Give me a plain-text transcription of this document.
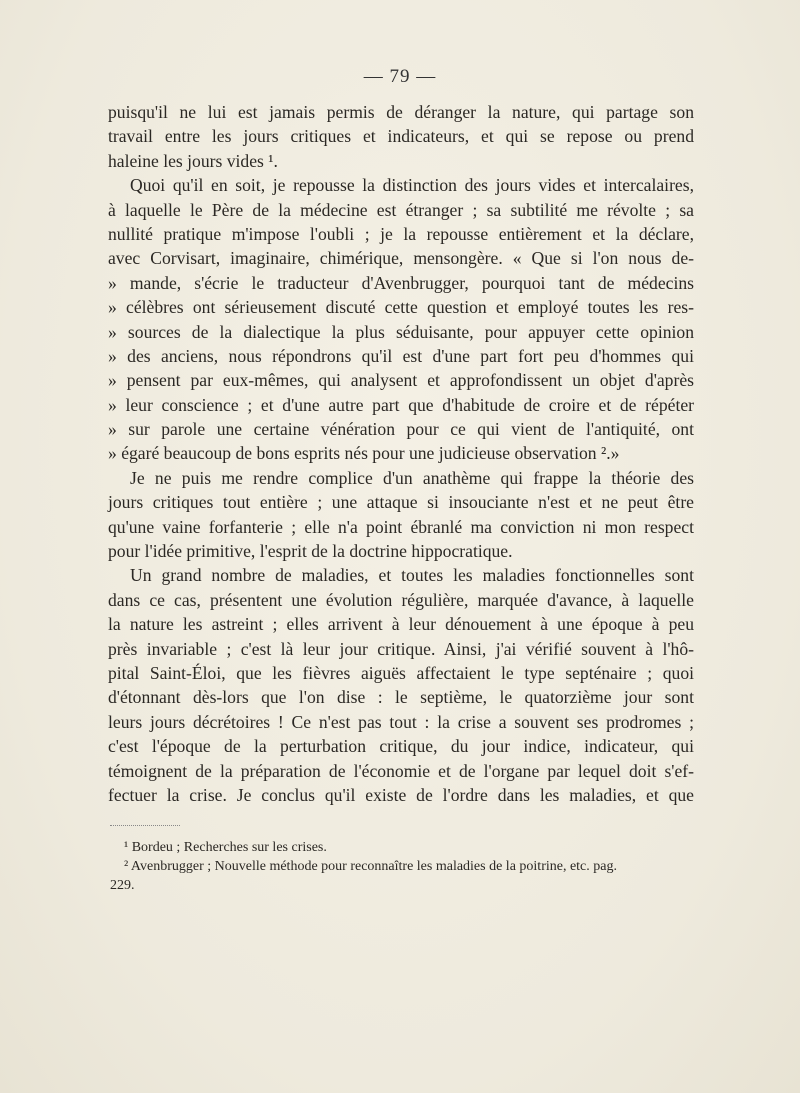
— 79 —
puisqu'il ne lui est jamais permis de déranger la nature, qui partage son
travail entre les jours critiques et indicateurs, et qui se repose ou prend
haleine les jours vides ¹.
Quoi qu'il en soit, je repousse la distinction des jours vides et intercalaires,
à laquelle le Père de la médecine est étranger ; sa subtilité me révolte ; sa
nullité pratique m'impose l'oubli ; je la repousse entièrement et la déclare,
avec Corvisart, imaginaire, chimérique, mensongère. « Que si l'on nous de-
» mande, s'écrie le traducteur d'Avenbrugger, pourquoi tant de médecins
» célèbres ont sérieusement discuté cette question et employé toutes les res-
» sources de la dialectique la plus séduisante, pour appuyer cette opinion
» des anciens, nous répondrons qu'il est d'une part fort peu d'hommes qui
» pensent par eux-mêmes, qui analysent et approfondissent un objet d'après
» leur conscience ; et d'une autre part que d'habitude de croire et de répéter
» sur parole une certaine vénération pour ce qui vient de l'antiquité, ont
» égaré beaucoup de bons esprits nés pour une judicieuse observation ².»
Je ne puis me rendre complice d'un anathème qui frappe la théorie des
jours critiques tout entière ; une attaque si insouciante n'est et ne peut être
qu'une vaine forfanterie ; elle n'a point ébranlé ma conviction ni mon respect
pour l'idée primitive, l'esprit de la doctrine hippocratique.
Un grand nombre de maladies, et toutes les maladies fonctionnelles sont
dans ce cas, présentent une évolution régulière, marquée d'avance, à laquelle
la nature les astreint ; elles arrivent à leur dénouement à une époque à peu
près invariable ; c'est là leur jour critique. Ainsi, j'ai vérifié souvent à l'hô-
pital Saint-Éloi, que les fièvres aiguës affectaient le type septénaire ; quoi
d'étonnant dès-lors que l'on dise : le septième, le quatorzième jour sont
leurs jours décrétoires ! Ce n'est pas tout : la crise a souvent ses prodromes ;
c'est l'époque de la perturbation critique, du jour indice, indicateur, qui
témoignent de la préparation de l'économie et de l'organe par lequel doit s'ef-
fectuer la crise. Je conclus qu'il existe de l'ordre dans les maladies, et que
¹ Bordeu ; Recherches sur les crises.
² Avenbrugger ; Nouvelle méthode pour reconnaître les maladies de la poitrine, etc. pag.
229.
